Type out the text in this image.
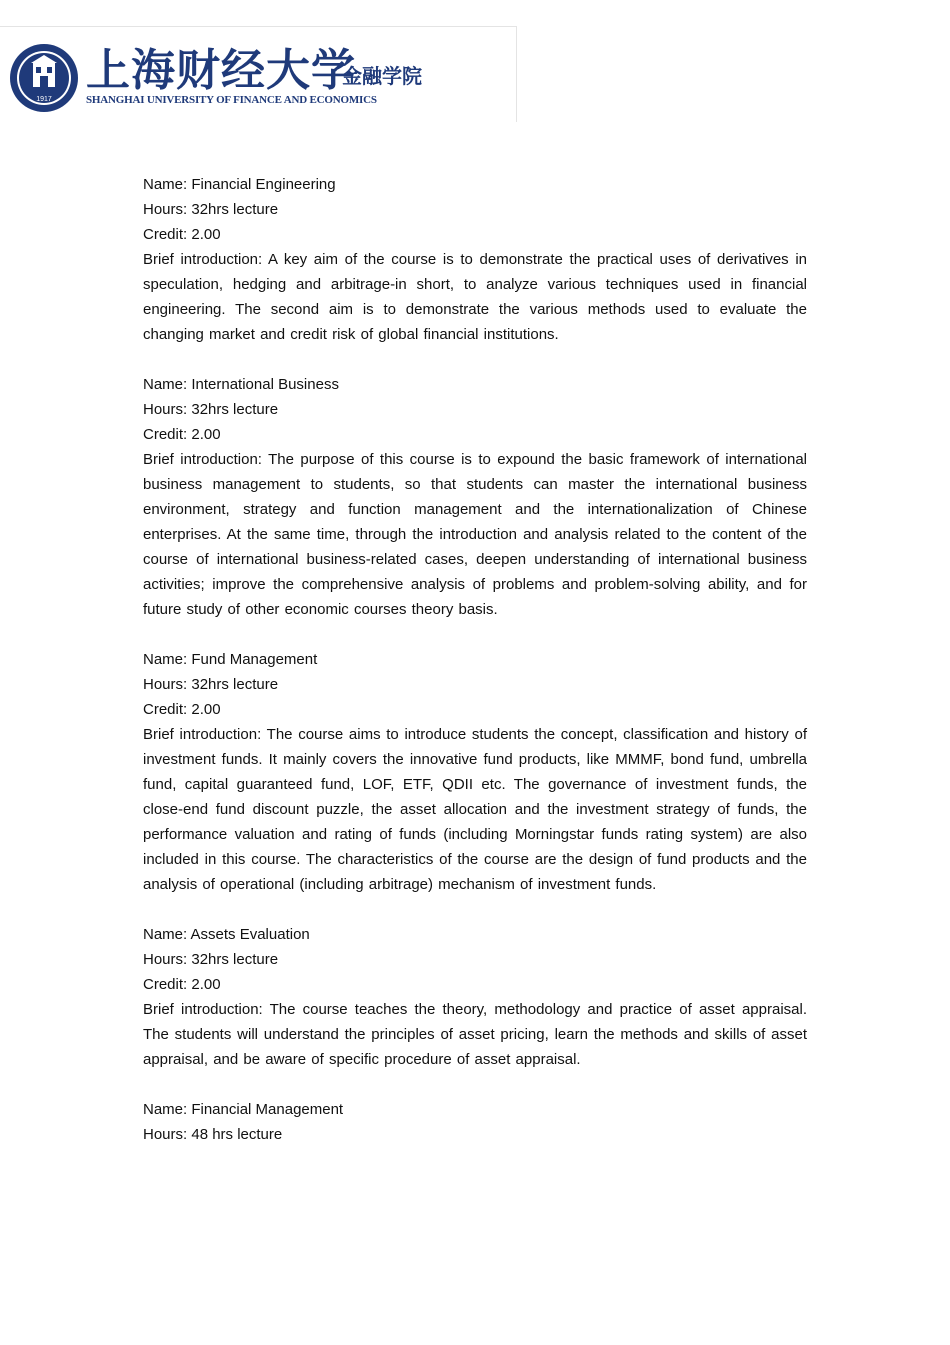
1917
上海财经大学
金融学院
SHANGHAI UNIVERSITY OF FINANCE AND ECONOMICS

Name: Financial Engineering

Hours: 32hrs lecture

Credit: 2.00

Brief introduction: A key aim of the course is to demonstrate the practical uses of derivatives in speculation, hedging and arbitrage-in short, to analyze various techniques used in financial engineering. The second aim is to demonstrate the various methods used to evaluate the changing market and credit risk of global financial institutions.

Name: International Business

Hours: 32hrs lecture

Credit: 2.00

Brief introduction: The purpose of this course is to expound the basic framework of international business management to students, so that students can master the international business environment, strategy and function management and the internationalization of Chinese enterprises. At the same time, through the introduction and analysis related to the content of the course of international business-related cases, deepen understanding of international business activities; improve the comprehensive analysis of problems and problem-solving ability, and for future study of other economic courses theory basis.

Name: Fund Management

Hours: 32hrs lecture

Credit: 2.00

Brief introduction: The course aims to introduce students the concept, classification and history of investment funds. It mainly covers the innovative fund products, like MMMF, bond fund, umbrella fund, capital guaranteed fund, LOF, ETF, QDII etc. The governance of investment funds, the close-end fund discount puzzle, the asset allocation and the investment strategy of funds, the performance valuation and rating of funds (including Morningstar funds rating system) are also included in this course. The characteristics of the course are the design of fund products and the analysis of operational (including arbitrage) mechanism of investment funds.

Name: Assets Evaluation

Hours: 32hrs lecture

Credit: 2.00

Brief introduction: The course teaches the theory, methodology and practice of asset appraisal. The students will understand the principles of asset pricing, learn the methods and skills of asset appraisal, and be aware of specific procedure of asset appraisal.

Name: Financial Management

Hours: 48 hrs lecture
